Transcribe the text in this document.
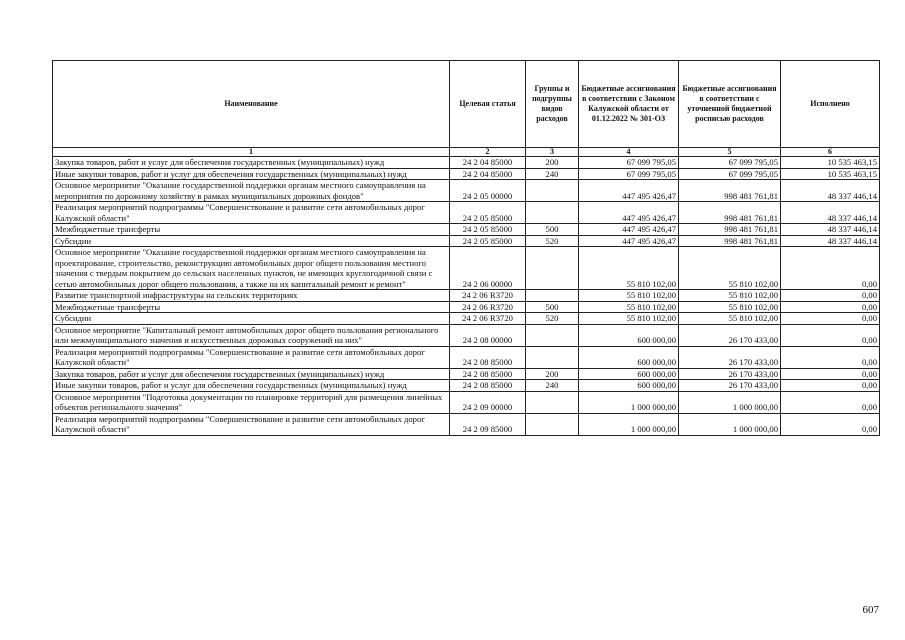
Наименование	Целевая статья	Группы и подгруппы видов расходов	Бюджетные ассигнования в соответствии с Законом Калужской области от 01.12.2022 № 301-ОЗ	Бюджетные ассигнования в соответствии с уточненной бюджетной росписью расходов	Исполнено
1	2	3	4	5	6
Закупка товаров, работ и услуг для обеспечения государственных (муниципальных) нужд	24 2 04 85000	200	67 099 795,05	67 099 795,05	10 535 463,15
Иные закупки товаров, работ и услуг для обеспечения государственных (муниципальных) нужд	24 2 04 85000	240	67 099 795,05	67 099 795,05	10 535 463,15
Основное мероприятие "Оказание государственной поддержки органам местного самоуправления на мероприятия по дорожному хозяйству в рамках муниципальных дорожных фондов"	24 2 05 00000		447 495 426,47	998 481 761,81	48 337 446,14
Реализация мероприятий подпрограммы "Совершенствование и развитие сети автомобильных дорог Калужской области"	24 2 05 85000		447 495 426,47	998 481 761,81	48 337 446,14
Межбюджетные трансферты	24 2 05 85000	500	447 495 426,47	998 481 761,81	48 337 446,14
Субсидии	24 2 05 85000	520	447 495 426,47	998 481 761,81	48 337 446,14
Основное мероприятие "Оказание государственной поддержки органам местного самоуправления на проектирование, строительство, реконструкцию автомобильных дорог общего пользования местного значения с твердым покрытием до сельских населенных пунктов, не имеющих круглогодичной связи с сетью автомобильных дорог общего пользования, а также на их капитальный ремонт и ремонт"	24 2 06 00000		55 810 102,00	55 810 102,00	0,00
Развитие транспортной инфраструктуры на сельских территориях	24 2 06 R3720		55 810 102,00	55 810 102,00	0,00
Межбюджетные трансферты	24 2 06 R3720	500	55 810 102,00	55 810 102,00	0,00
Субсидии	24 2 06 R3720	520	55 810 102,00	55 810 102,00	0,00
Основное мероприятие "Капитальный ремонт автомобильных дорог общего пользования регионального или межмуниципального значения и искусственных дорожных сооружений на них"	24 2 08 00000		600 000,00	26 170 433,00	0,00
Реализация мероприятий подпрограммы "Совершенствование и развитие сети автомобильных дорог Калужской области"	24 2 08 85000		600 000,00	26 170 433,00	0,00
Закупка товаров, работ и услуг для обеспечения государственных (муниципальных) нужд	24 2 08 85000	200	600 000,00	26 170 433,00	0,00
Иные закупки товаров, работ и услуг для обеспечения государственных (муниципальных) нужд	24 2 08 85000	240	600 000,00	26 170 433,00	0,00
Основное мероприятия "Подготовка документации по планировке территорий для размещения линейных объектов регионального значения"	24 2 09 00000		1 000 000,00	1 000 000,00	0,00
Реализация мероприятий подпрограммы "Совершенствование и развитие сети автомобильных дорог Калужской области"	24 2 09 85000		1 000 000,00	1 000 000,00	0,00
607
